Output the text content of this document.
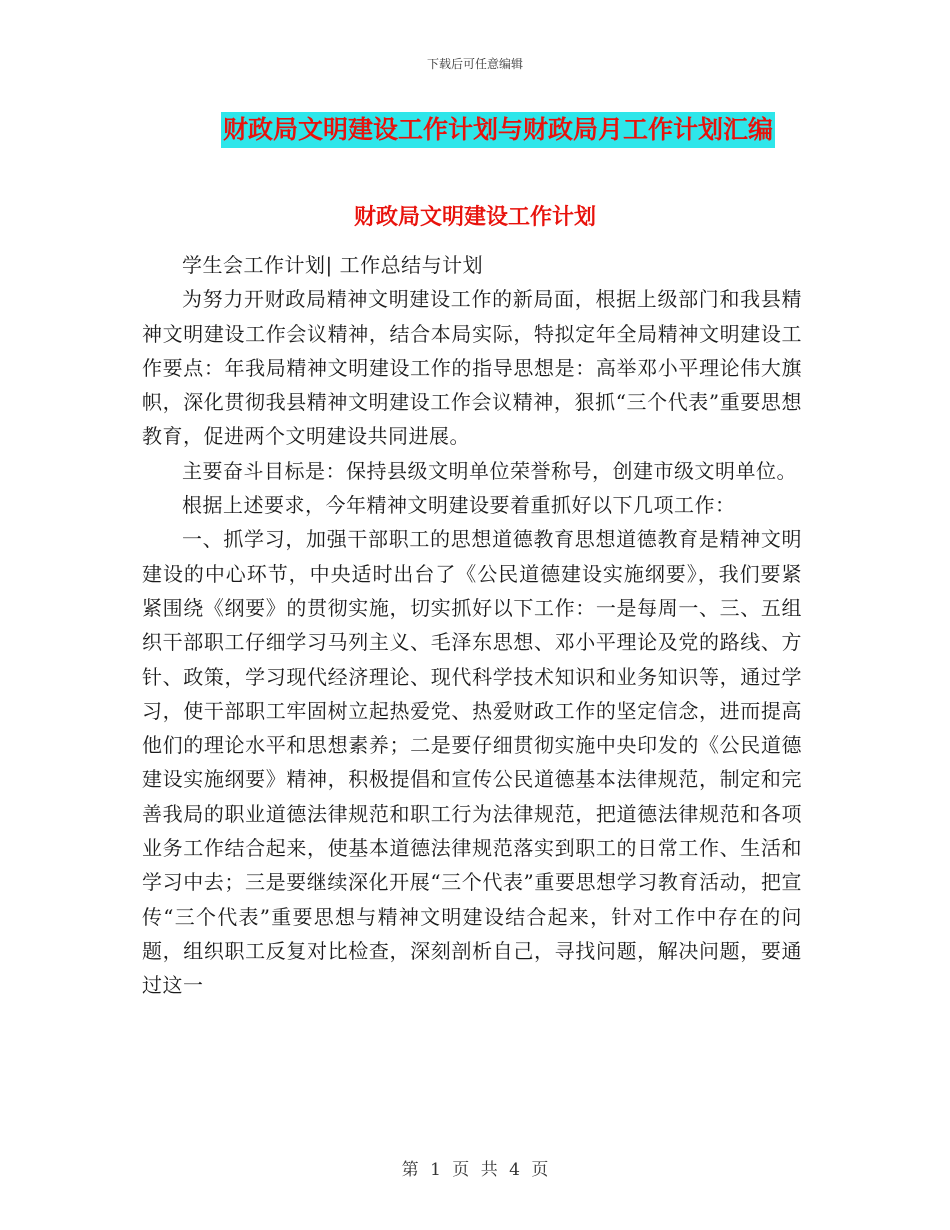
下载后可任意编辑
财政局文明建设工作计划与财政局月工作计划汇编
财政局文明建设工作计划

学生会工作计划| 工作总结与计划

为努力开财政局精神文明建设工作的新局面，根据上级部门和我县精神文明建设工作会议精神，结合本局实际，特拟定年全局精神文明建设工作要点：年我局精神文明建设工作的指导思想是：高举邓小平理论伟大旗帜，深化贯彻我县精神文明建设工作会议精神，狠抓“三个代表”重要思想教育，促进两个文明建设共同进展。

主要奋斗目标是：保持县级文明单位荣誉称号，创建市级文明单位。

根据上述要求，今年精神文明建设要着重抓好以下几项工作：

一、抓学习，加强干部职工的思想道德教育思想道德教育是精神文明建设的中心环节，中央适时出台了《公民道德建设实施纲要》，我们要紧紧围绕《纲要》的贯彻实施，切实抓好以下工作：一是每周一、三、五组织干部职工仔细学习马列主义、毛泽东思想、邓小平理论及党的路线、方针、政策，学习现代经济理论、现代科学技术知识和业务知识等，通过学习，使干部职工牢固树立起热爱党、热爱财政工作的坚定信念，进而提高他们的理论水平和思想素养；二是要仔细贯彻实施中央印发的《公民道德建设实施纲要》精神，积极提倡和宣传公民道德基本法律规范，制定和完善我局的职业道德法律规范和职工行为法律规范，把道德法律规范和各项业务工作结合起来，使基本道德法律规范落实到职工的日常工作、生活和学习中去；三是要继续深化开展“三个代表”重要思想学习教育活动，把宣传“三个代表”重要思想与精神文明建设结合起来，针对工作中存在的问题，组织职工反复对比检查，深刻剖析自己，寻找问题，解决问题，要通过这一

第 1 页 共 4 页
